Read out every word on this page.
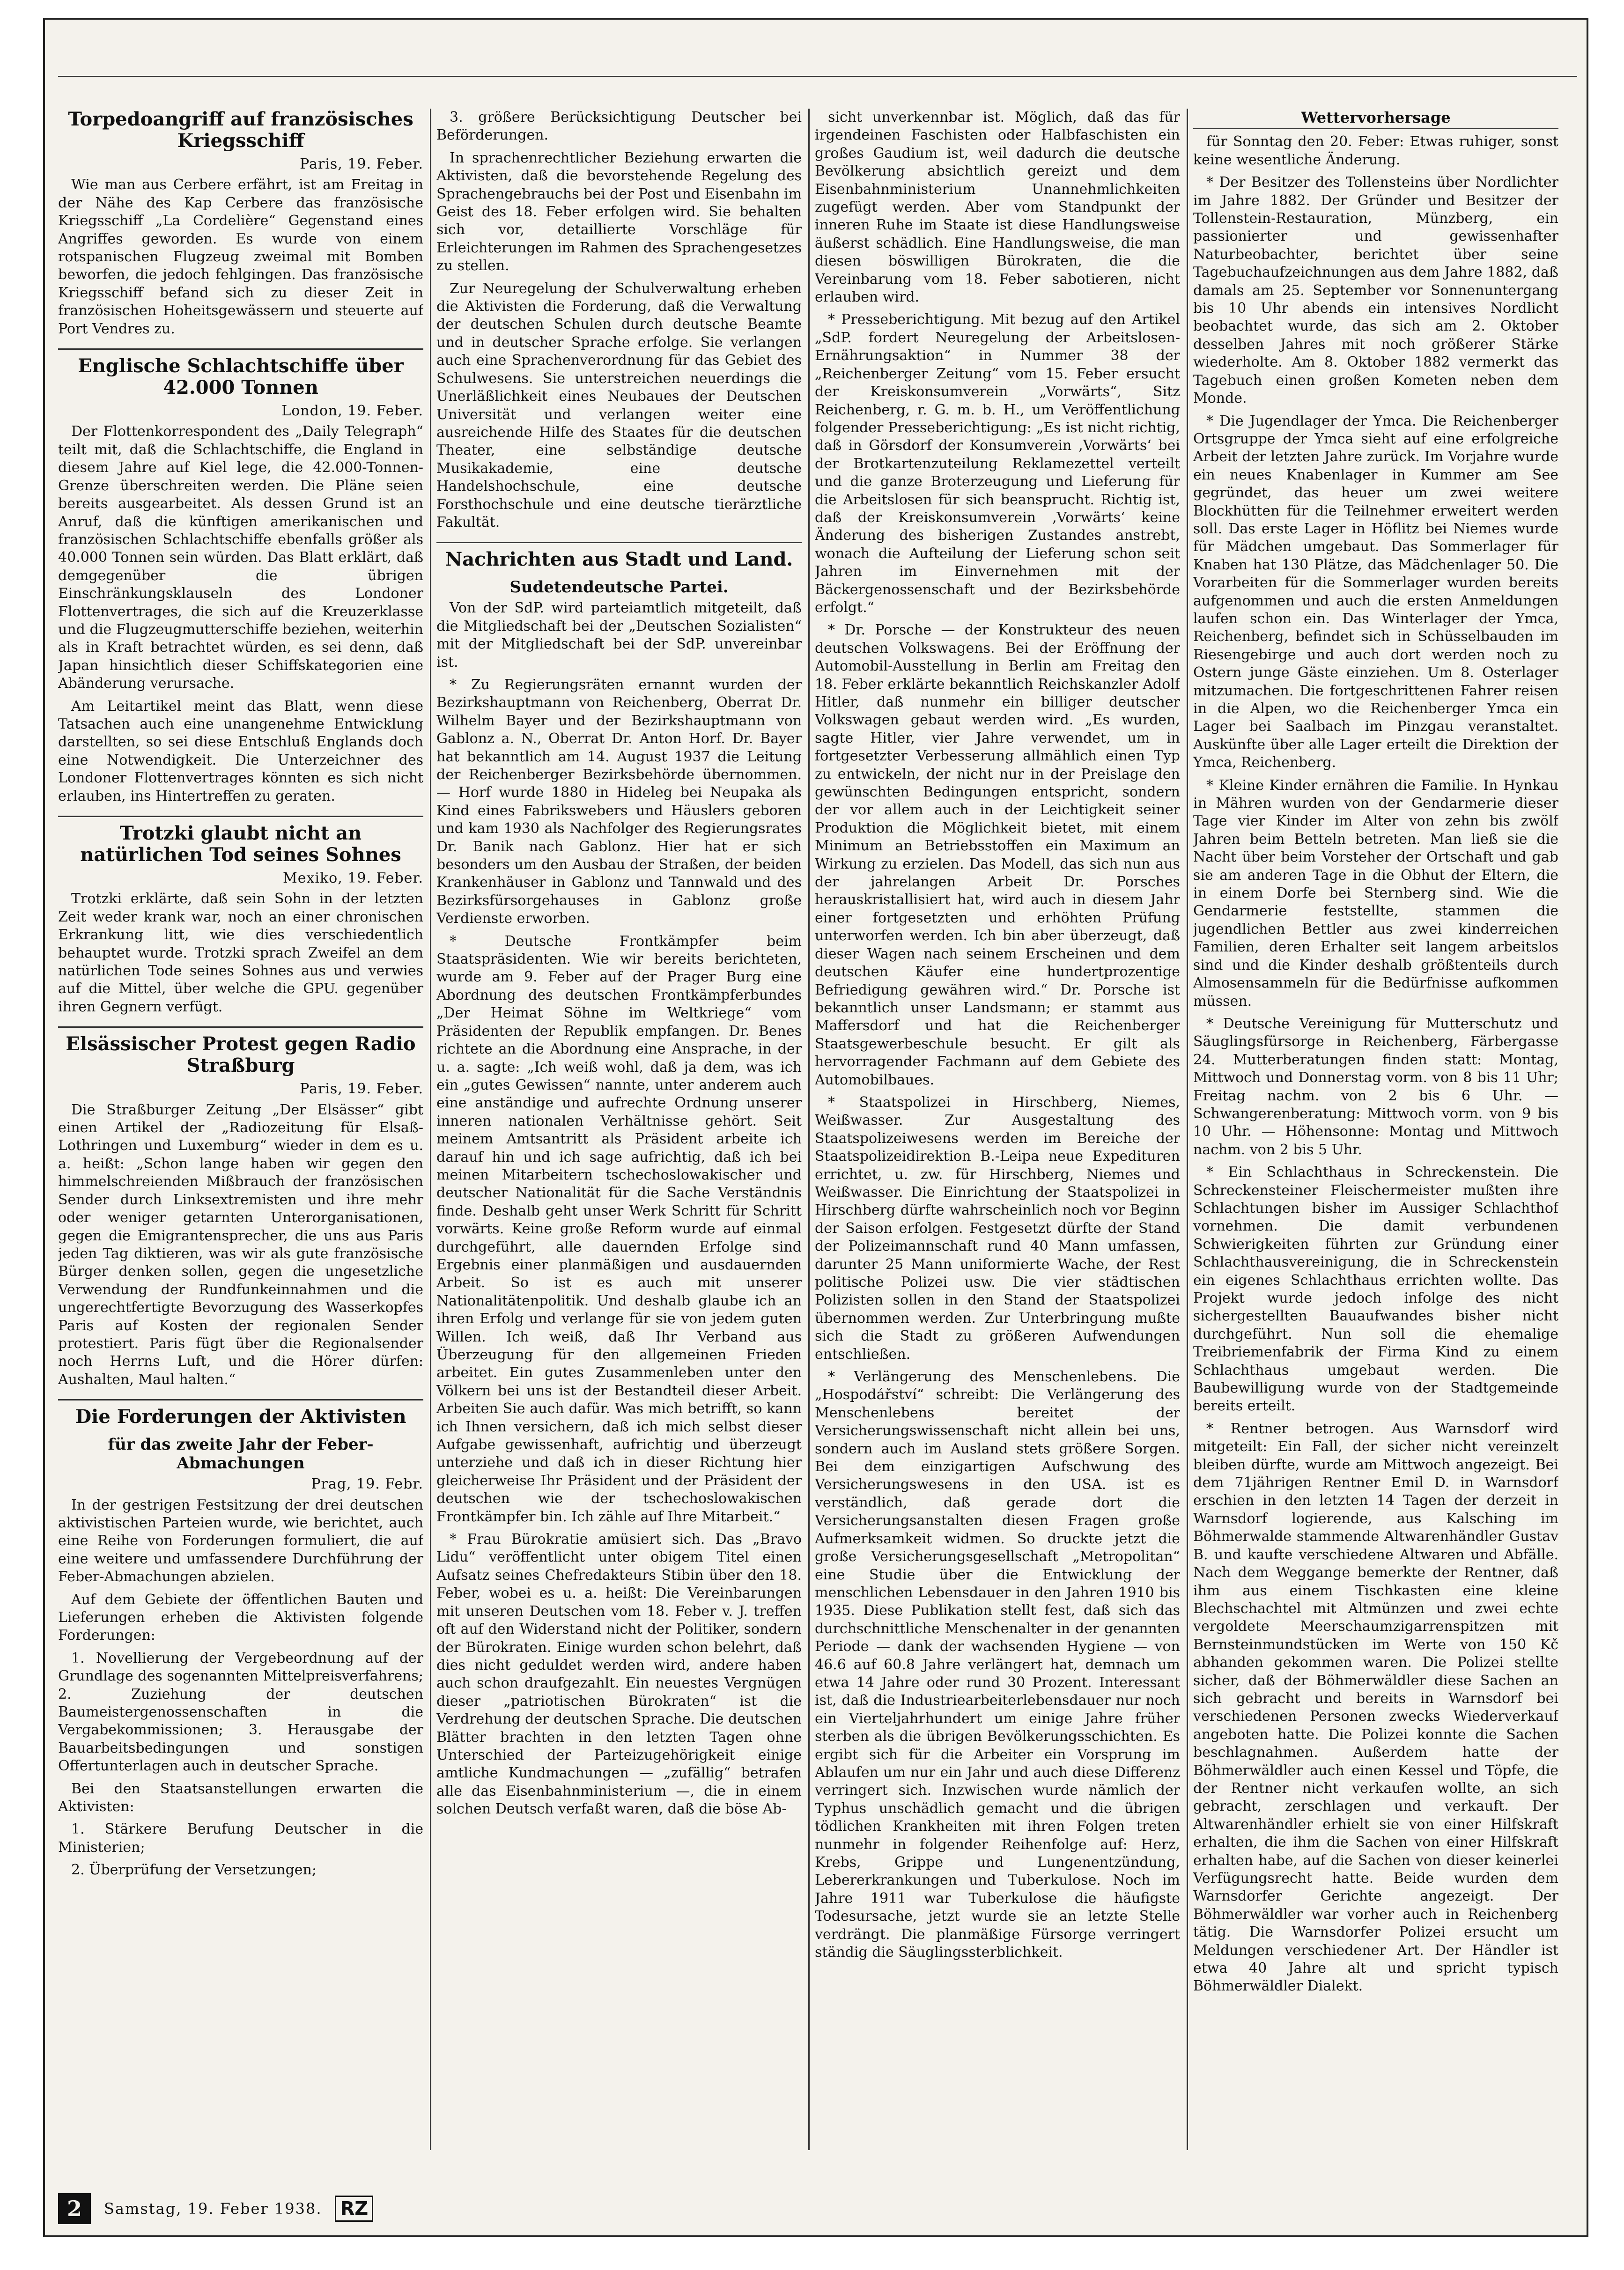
Torpedoangriff auf französisches Kriegsschiff
Paris, 19. Feber.

Wie man aus Cerbere erfährt, ist am Freitag in der Nähe des Kap Cerbere das französische Kriegsschiff „La Cordelière“ Gegenstand eines Angriffes geworden. Es wurde von einem rotspanischen Flugzeug zweimal mit Bomben beworfen, die jedoch fehlgingen. Das französische Kriegsschiff befand sich zu dieser Zeit in französischen Hoheitsgewässern und steuerte auf Port Vendres zu.

Englische Schlachtschiffe über 42.000 Tonnen
London, 19. Feber.

Der Flottenkorrespondent des „Daily Telegraph“ teilt mit, daß die Schlachtschiffe, die England in diesem Jahre auf Kiel lege, die 42.000-Tonnen-Grenze überschreiten werden. Die Pläne seien bereits ausgearbeitet. Als dessen Grund ist an Anruf, daß die künftigen amerikanischen und französischen Schlachtschiffe ebenfalls größer als 40.000 Tonnen sein würden. Das Blatt erklärt, daß demgegenüber die übrigen Einschränkungsklauseln des Londoner Flottenvertrages, die sich auf die Kreuzerklasse und die Flugzeugmutterschiffe beziehen, weiterhin als in Kraft betrachtet würden, es sei denn, daß Japan hinsichtlich dieser Schiffskategorien eine Abänderung verursache.

Am Leitartikel meint das Blatt, wenn diese Tatsachen auch eine unangenehme Entwicklung darstellten, so sei diese Entschluß Englands doch eine Notwendigkeit. Die Unterzeichner des Londoner Flottenvertrages könnten es sich nicht erlauben, ins Hintertreffen zu geraten.

Trotzki glaubt nicht an natürlichen Tod seines Sohnes
Mexiko, 19. Feber.

Trotzki erklärte, daß sein Sohn in der letzten Zeit weder krank war, noch an einer chronischen Erkrankung litt, wie dies verschiedentlich behauptet wurde. Trotzki sprach Zweifel an dem natürlichen Tode seines Sohnes aus und verwies auf die Mittel, über welche die GPU. gegenüber ihren Gegnern verfügt.

Elsässischer Protest gegen Radio Straßburg
Paris, 19. Feber.

Die Straßburger Zeitung „Der Elsässer“ gibt einen Artikel der „Radiozeitung für Elsaß-Lothringen und Luxemburg“ wieder in dem es u. a. heißt: „Schon lange haben wir gegen den himmelschreienden Mißbrauch der französischen Sender durch Linksextremisten und ihre mehr oder weniger getarnten Unterorganisationen, gegen die Emigrantensprecher, die uns aus Paris jeden Tag diktieren, was wir als gute französische Bürger denken sollen, gegen die ungesetzliche Verwendung der Rundfunkeinnahmen und die ungerechtfertigte Bevorzugung des Wasserkopfes Paris auf Kosten der regionalen Sender protestiert. Paris fügt über die Regionalsender noch Herrns Luft, und die Hörer dürfen: Aushalten, Maul halten.“

Die Forderungen der Aktivisten
für das zweite Jahr der Feber-Abmachungen
Prag, 19. Febr.

In der gestrigen Festsitzung der drei deutschen aktivistischen Parteien wurde, wie berichtet, auch eine Reihe von Forderungen formuliert, die auf eine weitere und umfassendere Durchführung der Feber-Abmachungen abzielen.

Auf dem Gebiete der öffentlichen Bauten und Lieferungen erheben die Aktivisten folgende Forderungen:

1. Novellierung der Vergebeordnung auf der Grundlage des sogenannten Mittelpreisverfahrens; 2. Zuziehung der deutschen Baumeistergenossenschaften in die Vergabekommissionen; 3. Herausgabe der Bauarbeitsbedingungen und sonstigen Offertunterlagen auch in deutscher Sprache.

Bei den Staatsanstellungen erwarten die Aktivisten:

1. Stärkere Berufung Deutscher in die Ministerien;

2. Überprüfung der Versetzungen;

3. größere Berücksichtigung Deutscher bei Beförderungen.

In sprachenrechtlicher Beziehung erwarten die Aktivisten, daß die bevorstehende Regelung des Sprachengebrauchs bei der Post und Eisenbahn im Geist des 18. Feber erfolgen wird. Sie behalten sich vor, detaillierte Vorschläge für Erleichterungen im Rahmen des Sprachengesetzes zu stellen.

Zur Neuregelung der Schulverwaltung erheben die Aktivisten die Forderung, daß die Verwaltung der deutschen Schulen durch deutsche Beamte und in deutscher Sprache erfolge. Sie verlangen auch eine Sprachenverordnung für das Gebiet des Schulwesens. Sie unterstreichen neuerdings die Unerläßlichkeit eines Neubaues der Deutschen Universität und verlangen weiter eine ausreichende Hilfe des Staates für die deutschen Theater, eine selbständige deutsche Musikakademie, eine deutsche Handelshochschule, eine deutsche Forsthochschule und eine deutsche tierärztliche Fakultät.

Nachrichten aus Stadt und Land.
Sudetendeutsche Partei.

Von der SdP. wird parteiamtlich mitgeteilt, daß die Mitgliedschaft bei der „Deutschen Sozialisten“ mit der Mitgliedschaft bei der SdP. unvereinbar ist.

* Zu Regierungsräten ernannt wurden der Bezirkshauptmann von Reichenberg, Oberrat Dr. Wilhelm Bayer und der Bezirkshauptmann von Gablonz a. N., Oberrat Dr. Anton Horf. Dr. Bayer hat bekanntlich am 14. August 1937 die Leitung der Reichenberger Bezirksbehörde übernommen. — Horf wurde 1880 in Hideleg bei Neupaka als Kind eines Fabrikswebers und Häuslers geboren und kam 1930 als Nachfolger des Regierungsrates Dr. Banik nach Gablonz. Hier hat er sich besonders um den Ausbau der Straßen, der beiden Krankenhäuser in Gablonz und Tannwald und des Bezirksfürsorgehauses in Gablonz große Verdienste erworben.

* Deutsche Frontkämpfer beim Staatspräsidenten. Wie wir bereits berichteten, wurde am 9. Feber auf der Prager Burg eine Abordnung des deutschen Frontkämpferbundes „Der Heimat Söhne im Weltkriege“ vom Präsidenten der Republik empfangen. Dr. Benes richtete an die Abordnung eine Ansprache, in der u. a. sagte: „Ich weiß wohl, daß ja dem, was ich ein „gutes Gewissen“ nannte, unter anderem auch eine anständige und aufrechte Ordnung unserer inneren nationalen Verhältnisse gehört. Seit meinem Amtsantritt als Präsident arbeite ich darauf hin und ich sage aufrichtig, daß ich bei meinen Mitarbeitern tschechoslowakischer und deutscher Nationalität für die Sache Verständnis finde. Deshalb geht unser Werk Schritt für Schritt vorwärts. Keine große Reform wurde auf einmal durchgeführt, alle dauernden Erfolge sind Ergebnis einer planmäßigen und ausdauernden Arbeit. So ist es auch mit unserer Nationalitätenpolitik. Und deshalb glaube ich an ihren Erfolg und verlange für sie von jedem guten Willen. Ich weiß, daß Ihr Verband aus Überzeugung für den allgemeinen Frieden arbeitet. Ein gutes Zusammenleben unter den Völkern bei uns ist der Bestandteil dieser Arbeit. Arbeiten Sie auch dafür. Was mich betrifft, so kann ich Ihnen versichern, daß ich mich selbst dieser Aufgabe gewissenhaft, aufrichtig und überzeugt unterziehe und daß ich in dieser Richtung hier gleicherweise Ihr Präsident und der Präsident der deutschen wie der tschechoslowakischen Frontkämpfer bin. Ich zähle auf Ihre Mitarbeit.“

* Frau Bürokratie amüsiert sich. Das „Bravo Lidu“ veröffentlicht unter obigem Titel einen Aufsatz seines Chefredakteurs Stibin über den 18. Feber, wobei es u. a. heißt: Die Vereinbarungen mit unseren Deutschen vom 18. Feber v. J. treffen oft auf den Widerstand nicht der Politiker, sondern der Bürokraten. Einige wurden schon belehrt, daß dies nicht geduldet werden wird, andere haben auch schon draufgezahlt. Ein neuestes Vergnügen dieser „patriotischen Bürokraten“ ist die Verdrehung der deutschen Sprache. Die deutschen Blätter brachten in den letzten Tagen ohne Unterschied der Parteizugehörigkeit einige amtliche Kundmachungen — „zufällig“ betrafen alle das Eisenbahnministerium —, die in einem solchen Deutsch verfaßt waren, daß die böse Ab-

sicht unverkennbar ist. Möglich, daß das für irgendeinen Faschisten oder Halbfaschisten ein großes Gaudium ist, weil dadurch die deutsche Bevölkerung absichtlich gereizt und dem Eisenbahnministerium Unannehmlichkeiten zugefügt werden. Aber vom Standpunkt der inneren Ruhe im Staate ist diese Handlungsweise äußerst schädlich. Eine Handlungsweise, die man diesen böswilligen Bürokraten, die die Vereinbarung vom 18. Feber sabotieren, nicht erlauben wird.

* Presseberichtigung. Mit bezug auf den Artikel „SdP. fordert Neuregelung der Arbeitslosen-Ernährungsaktion“ in Nummer 38 der „Reichenberger Zeitung“ vom 15. Feber ersucht der Kreiskonsumverein „Vorwärts“, Sitz Reichenberg, r. G. m. b. H., um Veröffentlichung folgender Presseberichtigung: „Es ist nicht richtig, daß in Görsdorf der Konsumverein ‚Vorwärts‘ bei der Brotkartenzuteilung Reklamezettel verteilt und die ganze Broterzeugung und Lieferung für die Arbeitslosen für sich beansprucht. Richtig ist, daß der Kreiskonsumverein ‚Vorwärts‘ keine Änderung des bisherigen Zustandes anstrebt, wonach die Aufteilung der Lieferung schon seit Jahren im Einvernehmen mit der Bäckergenossenschaft und der Bezirksbehörde erfolgt.“

* Dr. Porsche — der Konstrukteur des neuen deutschen Volkswagens. Bei der Eröffnung der Automobil-Ausstellung in Berlin am Freitag den 18. Feber erklärte bekanntlich Reichskanzler Adolf Hitler, daß nunmehr ein billiger deutscher Volkswagen gebaut werden wird. „Es wurden, sagte Hitler, vier Jahre verwendet, um in fortgesetzter Verbesserung allmählich einen Typ zu entwickeln, der nicht nur in der Preislage den gewünschten Bedingungen entspricht, sondern der vor allem auch in der Leichtigkeit seiner Produktion die Möglichkeit bietet, mit einem Minimum an Betriebsstoffen ein Maximum an Wirkung zu erzielen. Das Modell, das sich nun aus der jahrelangen Arbeit Dr. Porsches herauskristallisiert hat, wird auch in diesem Jahr einer fortgesetzten und erhöhten Prüfung unterworfen werden. Ich bin aber überzeugt, daß dieser Wagen nach seinem Erscheinen und dem deutschen Käufer eine hundertprozentige Befriedigung gewähren wird.“ Dr. Porsche ist bekanntlich unser Landsmann; er stammt aus Maffersdorf und hat die Reichenberger Staatsgewerbeschule besucht. Er gilt als hervorragender Fachmann auf dem Gebiete des Automobilbaues.

* Staatspolizei in Hirschberg, Niemes, Weißwasser. Zur Ausgestaltung des Staatspolizeiwesens werden im Bereiche der Staatspolizeidirektion B.-Leipa neue Expedituren errichtet, u. zw. für Hirschberg, Niemes und Weißwasser. Die Einrichtung der Staatspolizei in Hirschberg dürfte wahrscheinlich noch vor Beginn der Saison erfolgen. Festgesetzt dürfte der Stand der Polizeimannschaft rund 40 Mann umfassen, darunter 25 Mann uniformierte Wache, der Rest politische Polizei usw. Die vier städtischen Polizisten sollen in den Stand der Staatspolizei übernommen werden. Zur Unterbringung mußte sich die Stadt zu größeren Aufwendungen entschließen.

* Verlängerung des Menschenlebens. Die „Hospodářství“ schreibt: Die Verlängerung des Menschenlebens bereitet der Versicherungswissenschaft nicht allein bei uns, sondern auch im Ausland stets größere Sorgen. Bei dem einzigartigen Aufschwung des Versicherungswesens in den USA. ist es verständlich, daß gerade dort die Versicherungsanstalten diesen Fragen große Aufmerksamkeit widmen. So druckte jetzt die große Versicherungsgesellschaft „Metropolitan“ eine Studie über die Entwicklung der menschlichen Lebensdauer in den Jahren 1910 bis 1935. Diese Publikation stellt fest, daß sich das durchschnittliche Menschenalter in der genannten Periode — dank der wachsenden Hygiene — von 46.6 auf 60.8 Jahre verlängert hat, demnach um etwa 14 Jahre oder rund 30 Prozent. Interessant ist, daß die Industriearbeiterlebensdauer nur noch ein Vierteljahrhundert um einige Jahre früher sterben als die übrigen Bevölkerungsschichten. Es ergibt sich für die Arbeiter ein Vorsprung im Ablaufen um nur ein Jahr und auch diese Differenz verringert sich. Inzwischen wurde nämlich der Typhus unschädlich gemacht und die übrigen tödlichen Krankheiten mit ihren Folgen treten nunmehr in folgender Reihenfolge auf: Herz, Krebs, Grippe und Lungenentzündung, Lebererkrankungen und Tuberkulose. Noch im Jahre 1911 war Tuberkulose die häufigste Todesursache, jetzt wurde sie an letzte Stelle verdrängt. Die planmäßige Fürsorge verringert ständig die Säuglingssterblichkeit.

Wettervorhersage

für Sonntag den 20. Feber: Etwas ruhiger, sonst keine wesentliche Änderung.

* Der Besitzer des Tollensteins über Nordlichter im Jahre 1882. Der Gründer und Besitzer der Tollenstein-Restauration, Münzberg, ein passionierter und gewissenhafter Naturbeobachter, berichtet über seine Tagebuchaufzeichnungen aus dem Jahre 1882, daß damals am 25. September vor Sonnenuntergang bis 10 Uhr abends ein intensives Nordlicht beobachtet wurde, das sich am 2. Oktober desselben Jahres mit noch größerer Stärke wiederholte. Am 8. Oktober 1882 vermerkt das Tagebuch einen großen Kometen neben dem Monde.

* Die Jugendlager der Ymca. Die Reichenberger Ortsgruppe der Ymca sieht auf eine erfolgreiche Arbeit der letzten Jahre zurück. Im Vorjahre wurde ein neues Knabenlager in Kummer am See gegründet, das heuer um zwei weitere Blockhütten für die Teilnehmer erweitert werden soll. Das erste Lager in Höflitz bei Niemes wurde für Mädchen umgebaut. Das Sommerlager für Knaben hat 130 Plätze, das Mädchenlager 50. Die Vorarbeiten für die Sommerlager wurden bereits aufgenommen und auch die ersten Anmeldungen laufen schon ein. Das Winterlager der Ymca, Reichenberg, befindet sich in Schüsselbauden im Riesengebirge und auch dort werden noch zu Ostern junge Gäste einziehen. Um 8. Osterlager mitzumachen. Die fortgeschrittenen Fahrer reisen in die Alpen, wo die Reichenberger Ymca ein Lager bei Saalbach im Pinzgau veranstaltet. Auskünfte über alle Lager erteilt die Direktion der Ymca, Reichenberg.

* Kleine Kinder ernähren die Familie. In Hynkau in Mähren wurden von der Gendarmerie dieser Tage vier Kinder im Alter von zehn bis zwölf Jahren beim Betteln betreten. Man ließ sie die Nacht über beim Vorsteher der Ortschaft und gab sie am anderen Tage in die Obhut der Eltern, die in einem Dorfe bei Sternberg sind. Wie die Gendarmerie feststellte, stammen die jugendlichen Bettler aus zwei kinderreichen Familien, deren Erhalter seit langem arbeitslos sind und die Kinder deshalb größtenteils durch Almosensammeln für die Bedürfnisse aufkommen müssen.

* Deutsche Vereinigung für Mutterschutz und Säuglingsfürsorge in Reichenberg, Färbergasse 24. Mutterberatungen finden statt: Montag, Mittwoch und Donnerstag vorm. von 8 bis 11 Uhr; Freitag nachm. von 2 bis 6 Uhr. — Schwangerenberatung: Mittwoch vorm. von 9 bis 10 Uhr. — Höhensonne: Montag und Mittwoch nachm. von 2 bis 5 Uhr.

* Ein Schlachthaus in Schreckenstein. Die Schreckensteiner Fleischermeister mußten ihre Schlachtungen bisher im Aussiger Schlachthof vornehmen. Die damit verbundenen Schwierigkeiten führten zur Gründung einer Schlachthausvereinigung, die in Schreckenstein ein eigenes Schlachthaus errichten wollte. Das Projekt wurde jedoch infolge des nicht sichergestellten Bauaufwandes bisher nicht durchgeführt. Nun soll die ehemalige Treibriemenfabrik der Firma Kind zu einem Schlachthaus umgebaut werden. Die Baubewilligung wurde von der Stadtgemeinde bereits erteilt.

* Rentner betrogen. Aus Warnsdorf wird mitgeteilt: Ein Fall, der sicher nicht vereinzelt bleiben dürfte, wurde am Mittwoch angezeigt. Bei dem 71jährigen Rentner Emil D. in Warnsdorf erschien in den letzten 14 Tagen der derzeit in Warnsdorf logierende, aus Kalsching im Böhmerwalde stammende Altwarenhändler Gustav B. und kaufte verschiedene Altwaren und Abfälle. Nach dem Weggange bemerkte der Rentner, daß ihm aus einem Tischkasten eine kleine Blechschachtel mit Altmünzen und zwei echte vergoldete Meerschaumzigarrenspitzen mit Bernsteinmundstücken im Werte von 150 Kč abhanden gekommen waren. Die Polizei stellte sicher, daß der Böhmerwäldler diese Sachen an sich gebracht und bereits in Warnsdorf bei verschiedenen Personen zwecks Wiederverkauf angeboten hatte. Die Polizei konnte die Sachen beschlagnahmen. Außerdem hatte der Böhmerwäldler auch einen Kessel und Töpfe, die der Rentner nicht verkaufen wollte, an sich gebracht, zerschlagen und verkauft. Der Altwarenhändler erhielt sie von einer Hilfskraft erhalten, die ihm die Sachen von einer Hilfskraft erhalten habe, auf die Sachen von dieser keinerlei Verfügungsrecht hatte. Beide wurden dem Warnsdorfer Gerichte angezeigt. Der Böhmerwäldler war vorher auch in Reichenberg tätig. Die Warnsdorfer Polizei ersucht um Meldungen verschiedener Art. Der Händler ist etwa 40 Jahre alt und spricht typisch Böhmerwäldler Dialekt.

2	Samstag, 19. Feber 1938. RZ
